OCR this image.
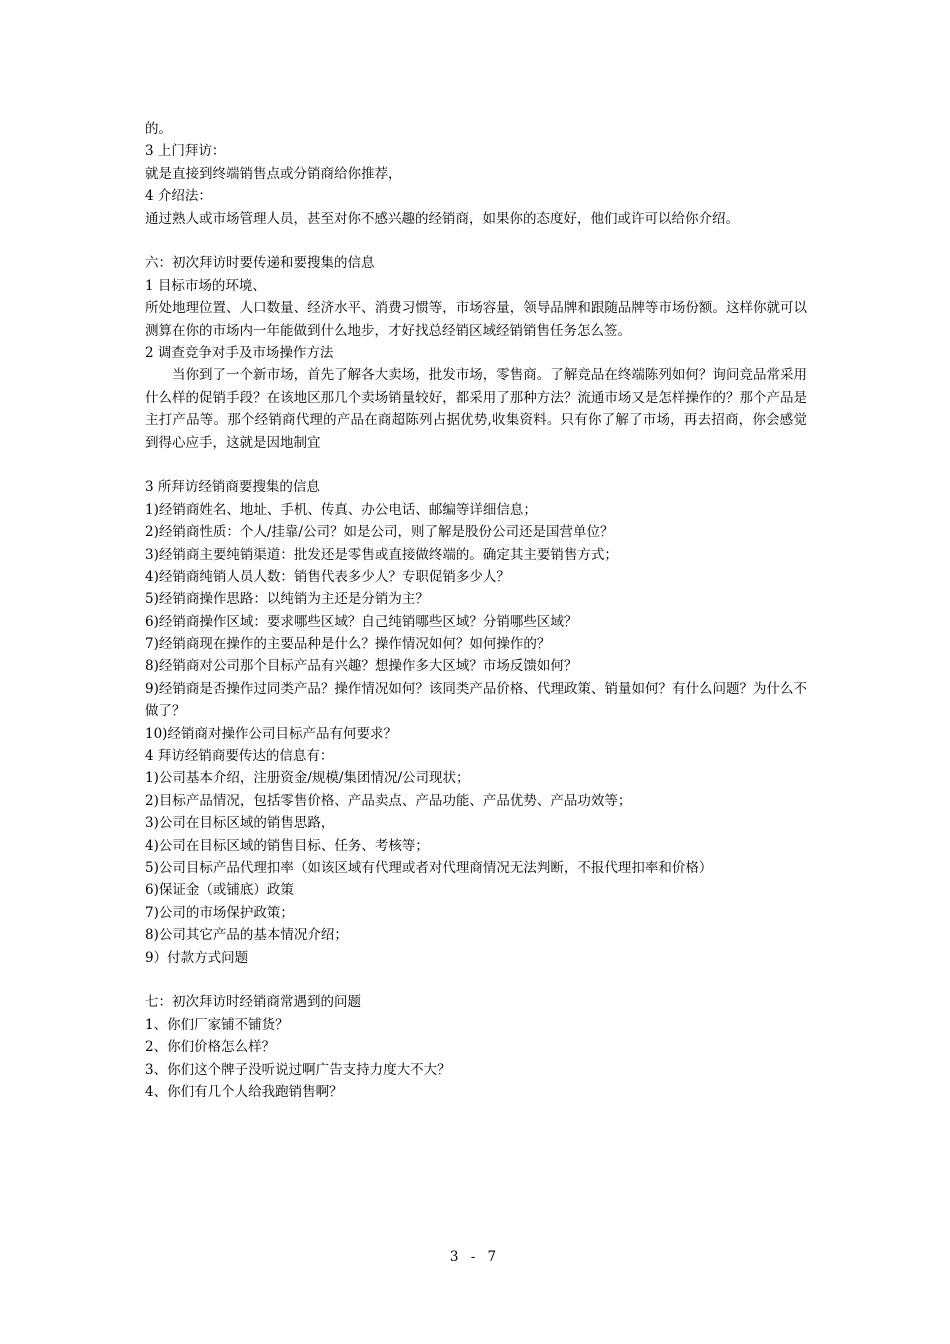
的。
3 上门拜访：
就是直接到终端销售点或分销商给你推荐，
4 介绍法：
通过熟人或市场管理人员，甚至对你不感兴趣的经销商，如果你的态度好，他们或许可以给你介绍。
六：初次拜访时要传递和要搜集的信息
1 目标市场的环境、
所处地理位置、人口数量、经济水平、消费习惯等，市场容量，领导品牌和跟随品牌等市场份额。这样你就可以测算在你的市场内一年能做到什么地步，才好找总经销区域经销销售任务怎么签。
2 调查竞争对手及市场操作方法
当你到了一个新市场，首先了解各大卖场，批发市场，零售商。了解竞品在终端陈列如何？询问竞品常采用什么样的促销手段？在该地区那几个卖场销量较好，都采用了那种方法？流通市场又是怎样操作的？那个产品是主打产品等。那个经销商代理的产品在商超陈列占据优势,收集资料。只有你了解了市场，再去招商，你会感觉到得心应手，这就是因地制宜
3 所拜访经销商要搜集的信息
1)经销商姓名、地址、手机、传真、办公电话、邮编等详细信息；
2)经销商性质：个人/挂靠/公司？如是公司，则了解是股份公司还是国营单位？
3)经销商主要纯销渠道：批发还是零售或直接做终端的。确定其主要销售方式；
4)经销商纯销人员人数：销售代表多少人？专职促销多少人？
5)经销商操作思路：以纯销为主还是分销为主？
6)经销商操作区域：要求哪些区域？自己纯销哪些区域？分销哪些区域？
7)经销商现在操作的主要品种是什么？操作情况如何？如何操作的？
8)经销商对公司那个目标产品有兴趣？想操作多大区域？市场反馈如何？
9)经销商是否操作过同类产品？操作情况如何？该同类产品价格、代理政策、销量如何？有什么问题？为什么不做了？
10)经销商对操作公司目标产品有何要求？
4 拜访经销商要传达的信息有：
1)公司基本介绍，注册资金/规模/集团情况/公司现状；
2)目标产品情况，包括零售价格、产品卖点、产品功能、产品优势、产品功效等；
3)公司在目标区域的销售思路，
4)公司在目标区域的销售目标、任务、考核等；
5)公司目标产品代理扣率（如该区域有代理或者对代理商情况无法判断，不报代理扣率和价格）
6)保证金（或铺底）政策
7)公司的市场保护政策；
8)公司其它产品的基本情况介绍；
9）付款方式问题
七：初次拜访时经销商常遇到的问题
1、你们厂家铺不铺货？
2、你们价格怎么样？
3、你们这个牌子没听说过啊广告支持力度大不大？
4、你们有几个人给我跑销售啊？
3 - 7
